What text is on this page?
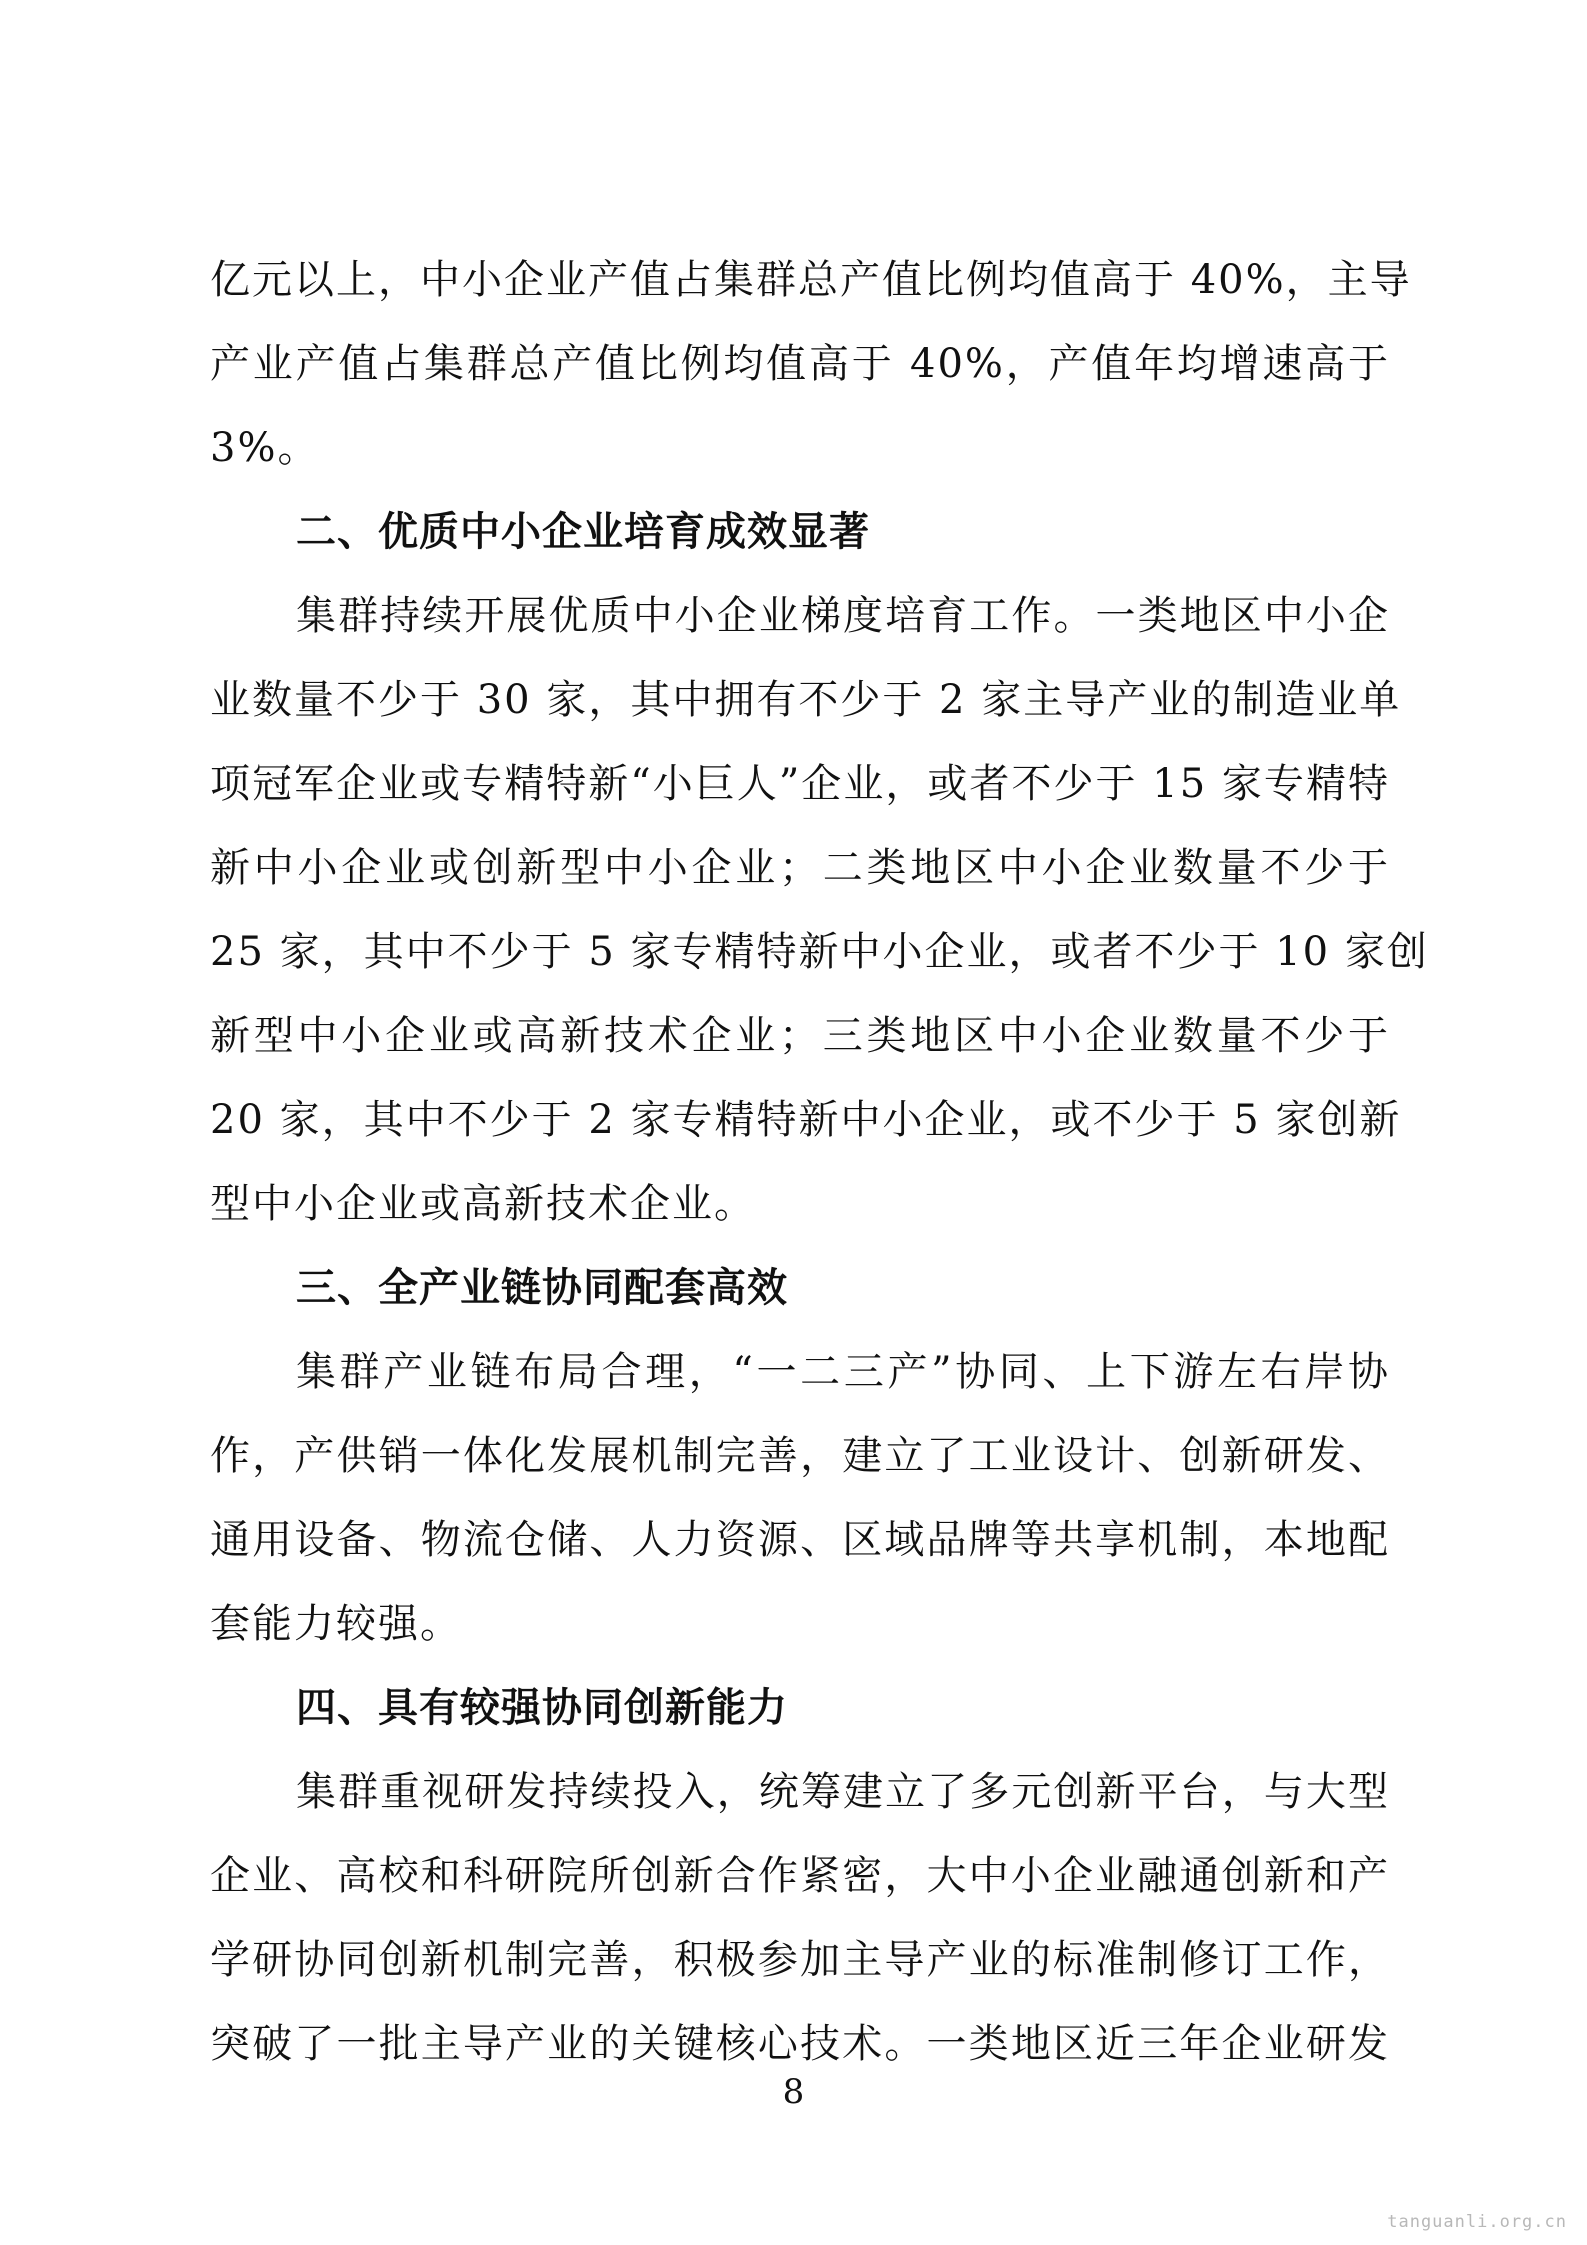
亿元以上，中小企业产值占集群总产值比例均值高于 40%，主导
产业产值占集群总产值比例均值高于 40%，产值年均增速高于
3%。
二、优质中小企业培育成效显著
集群持续开展优质中小企业梯度培育工作。一类地区中小企
业数量不少于 30 家，其中拥有不少于 2 家主导产业的制造业单
项冠军企业或专精特新“小巨人”企业，或者不少于 15 家专精特
新中小企业或创新型中小企业；二类地区中小企业数量不少于
25 家，其中不少于 5 家专精特新中小企业，或者不少于 10 家创
新型中小企业或高新技术企业；三类地区中小企业数量不少于
20 家，其中不少于 2 家专精特新中小企业，或不少于 5 家创新
型中小企业或高新技术企业。
三、全产业链协同配套高效
集群产业链布局合理，“一二三产”协同、上下游左右岸协
作，产供销一体化发展机制完善，建立了工业设计、创新研发、
通用设备、物流仓储、人力资源、区域品牌等共享机制，本地配
套能力较强。
四、具有较强协同创新能力
集群重视研发持续投入，统筹建立了多元创新平台，与大型
企业、高校和科研院所创新合作紧密，大中小企业融通创新和产
学研协同创新机制完善，积极参加主导产业的标准制修订工作，
突破了一批主导产业的关键核心技术。一类地区近三年企业研发
8
tanguanli.org.cn
